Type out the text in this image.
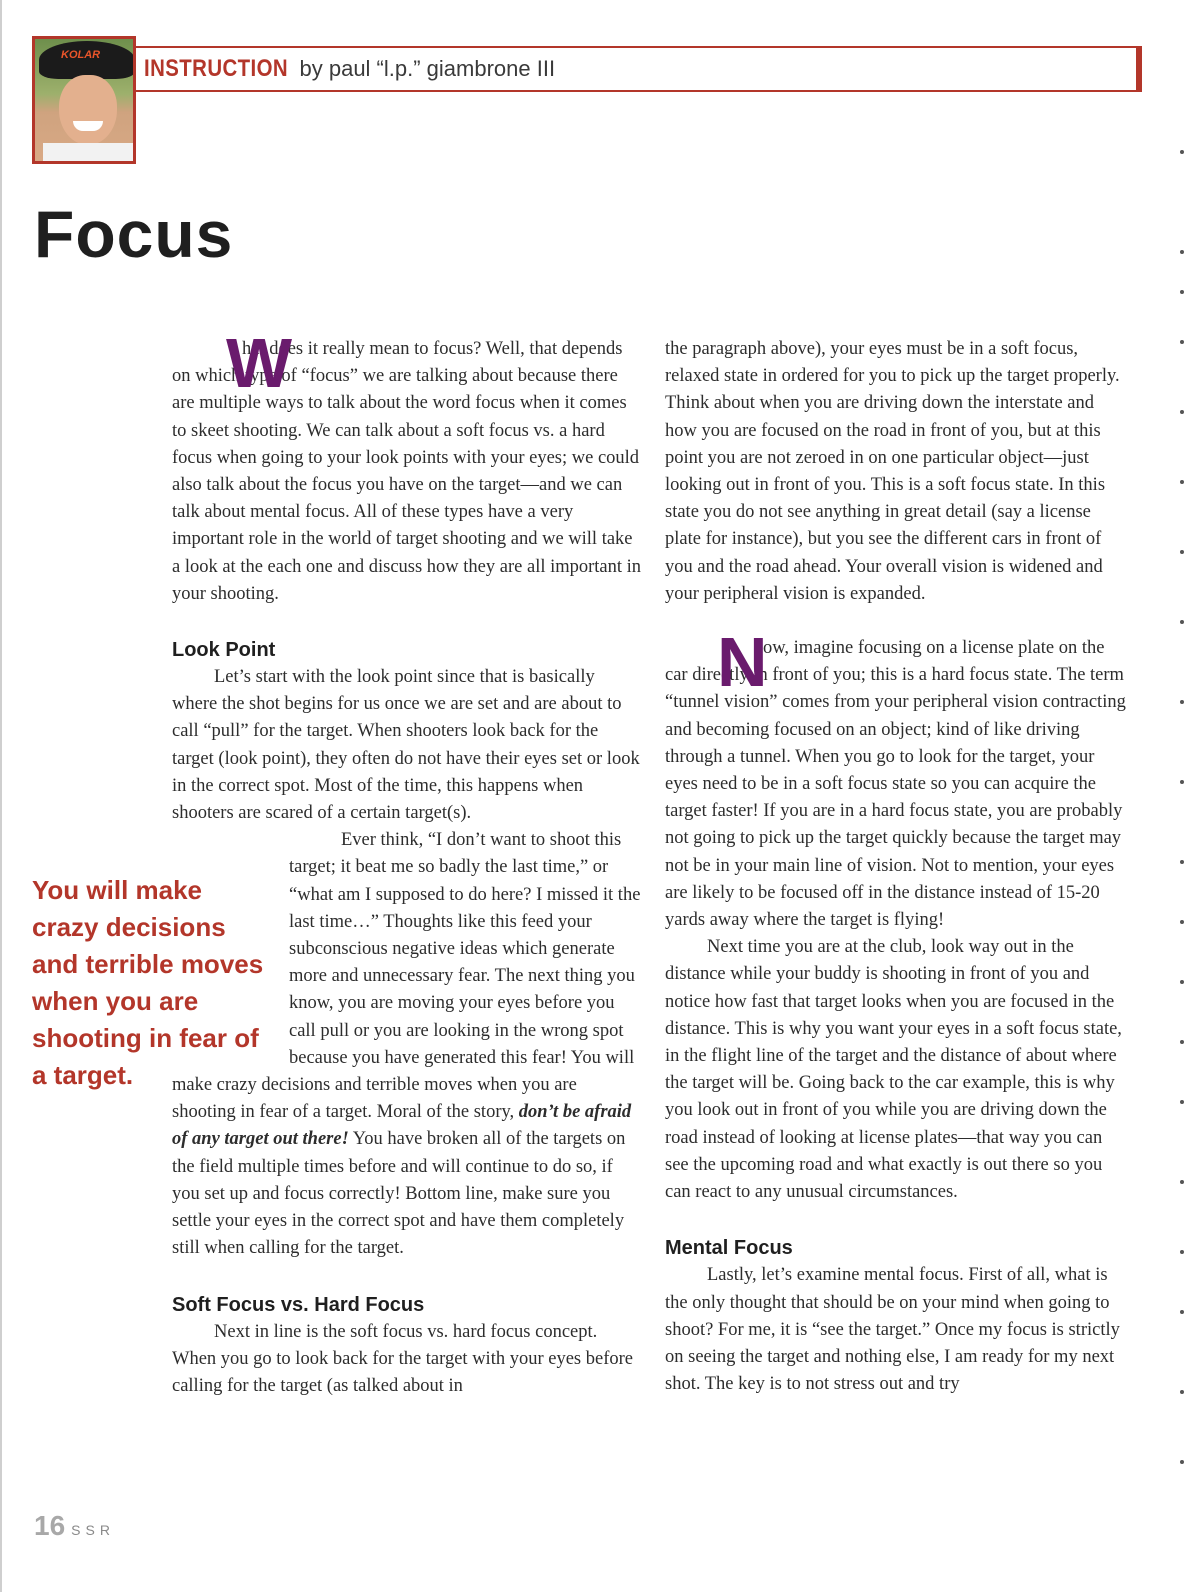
KOLAR INSTRUCTION by paul “l.p.” giambrone III
Focus

W
hat does it really mean to focus? Well, that depends on which type of “focus” we are talking about because there are multiple ways to talk about the word focus when it comes to skeet shooting. We can talk about a soft focus vs. a hard focus when going to your look points with your eyes; we could also talk about the focus you have on the target—and we can talk about mental focus. All of these types have a very important role in the world of target shooting and we will take a look at the each one and discuss how they are all important in your shooting.

Look Point

Let’s start with the look point since that is basically where the shot begins for us once we are set and are about to call “pull” for the target. When shooters look back for the target (look point), they often do not have their eyes set or look in the correct spot. Most of the time, this happens when shooters are scared of a certain target(s).

Ever think, “I don’t want to shoot this target; it beat me so badly the last time,” or “what am I supposed to do here? I missed it the last time…” Thoughts like this feed your subconscious negative ideas which generate more and unnecessary fear. The next thing you know, you are moving your eyes before you call pull or you are looking in the wrong spot because you have generated this fear! You will make crazy decisions and terrible moves when you are shooting in fear of a target. Moral of the story, don’t be afraid of any target out there! You have broken all of the targets on the field multiple times before and will continue to do so, if you set up and focus correctly! Bottom line, make sure you settle your eyes in the correct spot and have them completely still when calling for the target.

Soft Focus vs. Hard Focus

Next in line is the soft focus vs. hard focus concept. When you go to look back for the target with your eyes before calling for the target (as talked about in

You will make crazy decisions and terrible moves when you are shooting in fear of a target.

the paragraph above), your eyes must be in a soft focus, relaxed state in ordered for you to pick up the target properly. Think about when you are driving down the interstate and how you are focused on the road in front of you, but at this point you are not zeroed in on one particular object—just looking out in front of you. This is a soft focus state. In this state you do not see anything in great detail (say a license plate for instance), but you see the different cars in front of you and the road ahead. Your overall vision is widened and your peripheral vision is expanded.

N
ow, imagine focusing on a license plate on the car directly in front of you; this is a hard focus state. The term “tunnel vision” comes from your peripheral vision contracting and becoming focused on an object; kind of like driving through a tunnel. When you go to look for the target, your eyes need to be in a soft focus state so you can acquire the target faster! If you are in a hard focus state, you are probably not going to pick up the target quickly because the target may not be in your main line of vision. Not to mention, your eyes are likely to be focused off in the distance instead of 15-20 yards away where the target is flying!

Next time you are at the club, look way out in the distance while your buddy is shooting in front of you and notice how fast that target looks when you are focused in the distance. This is why you want your eyes in a soft focus state, in the flight line of the target and the distance of about where the target will be. Going back to the car example, this is why you look out in front of you while you are driving down the road instead of looking at license plates—that way you can see the upcoming road and what exactly is out there so you can react to any unusual circumstances.

Mental Focus

Lastly, let’s examine mental focus. First of all, what is the only thought that should be on your mind when going to shoot? For me, it is “see the target.” Once my focus is strictly on seeing the target and nothing else, I am ready for my next shot. The key is to not stress out and try

16 SSR
